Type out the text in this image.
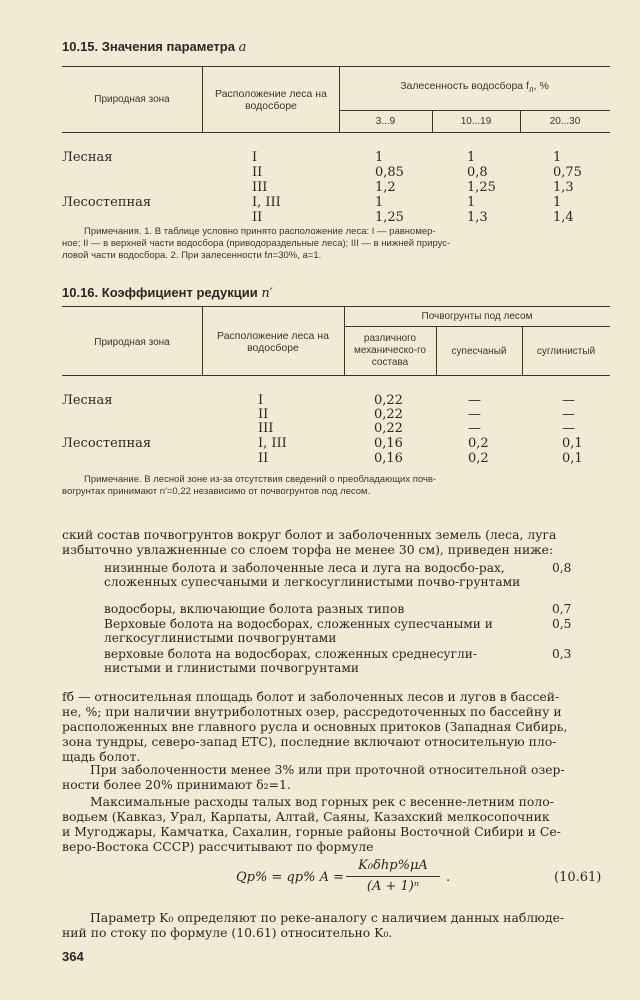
10.15. Значения параметра a
Природная зона	Расположение леса на водосборе
Залесенность водосбора $f_л$, %
3...9	10...19	20...30
Лесная	I	1	1	1
II	0,85	0,8	0,75
III	1,2	1,25	1,3
Лесостепная	I, III	1	1	1
II	1,25	1,3	1,4
Примечания. 1. В таблице условно принято расположение леса: I — равномер-
ное; II — в верхней части водосбора (приводораздельные леса); III — в нижней прирус-
ловой части водосбора. 2. При залесенности fл=30%, a=1.
10.16. Коэффициент редукции n′
Природная зона
Расположение леса на водосборе
Почвогрунты под лесом
различного механическо-го состава
супесчаный	суглинистый
Лесная	I	0,22	—	—
II	0,22	—	—
III	0,22	—	—
Лесостепная	I, III	0,16	0,2	0,1
II	0,16	0,2	0,1
Примечание. В лесной зоне из-за отсутствия сведений о преобладающих почв-
вогрунтах принимают n′=0,22 независимо от почвогрунтов под лесом.
ский состав почвогрунтов вокруг болот и заболоченных земель (леса, луга
избыточно увлажненные со слоем торфа не менее 30 см), приведен ниже:
низинные болота и заболоченные леса и луга на водосбо-рах, сложенных супесчаными и легкосуглинистыми почво-грунтами
0,8
водосборы, включающие болота разных типов	0,7
Верховые болота на водосборах, сложенных супесчаными и легкосуглинистыми почвогрунтами
0,5
верховые болота на водосборах, сложенных среднесугли-нистыми и глинистыми почвогрунтами
0,3
fб — относительная площадь болот и заболоченных лесов и лугов в бассей-
не, %; при наличии внутриболотных озер, рассредоточенных по бассейну и
расположенных вне главного русла и основных притоков (Западная Сибирь,
зона тундры, северо-запад ЕТС), последние включают относительную пло-
щадь болот.
При заболоченности менее 3% или при проточной относительной озер-
ности более 20% принимают δ₂=1.
Максимальные расходы талых вод горных рек с весенне-летним поло-
водьем (Кавказ, Урал, Карпаты, Алтай, Саяны, Казахский мелкосопочник
и Мугоджары, Камчатка, Сахалин, горные районы Восточной Сибири и Се-
веро-Востока СССР) рассчитывают по формуле
Qp% = qp% A =
K₀δhp%μA
(A + 1)ⁿ
.	(10.61)
Параметр K₀ определяют по реке-аналогу с наличием данных наблюде-
ний по стоку по формуле (10.61) относительно K₀.
364
